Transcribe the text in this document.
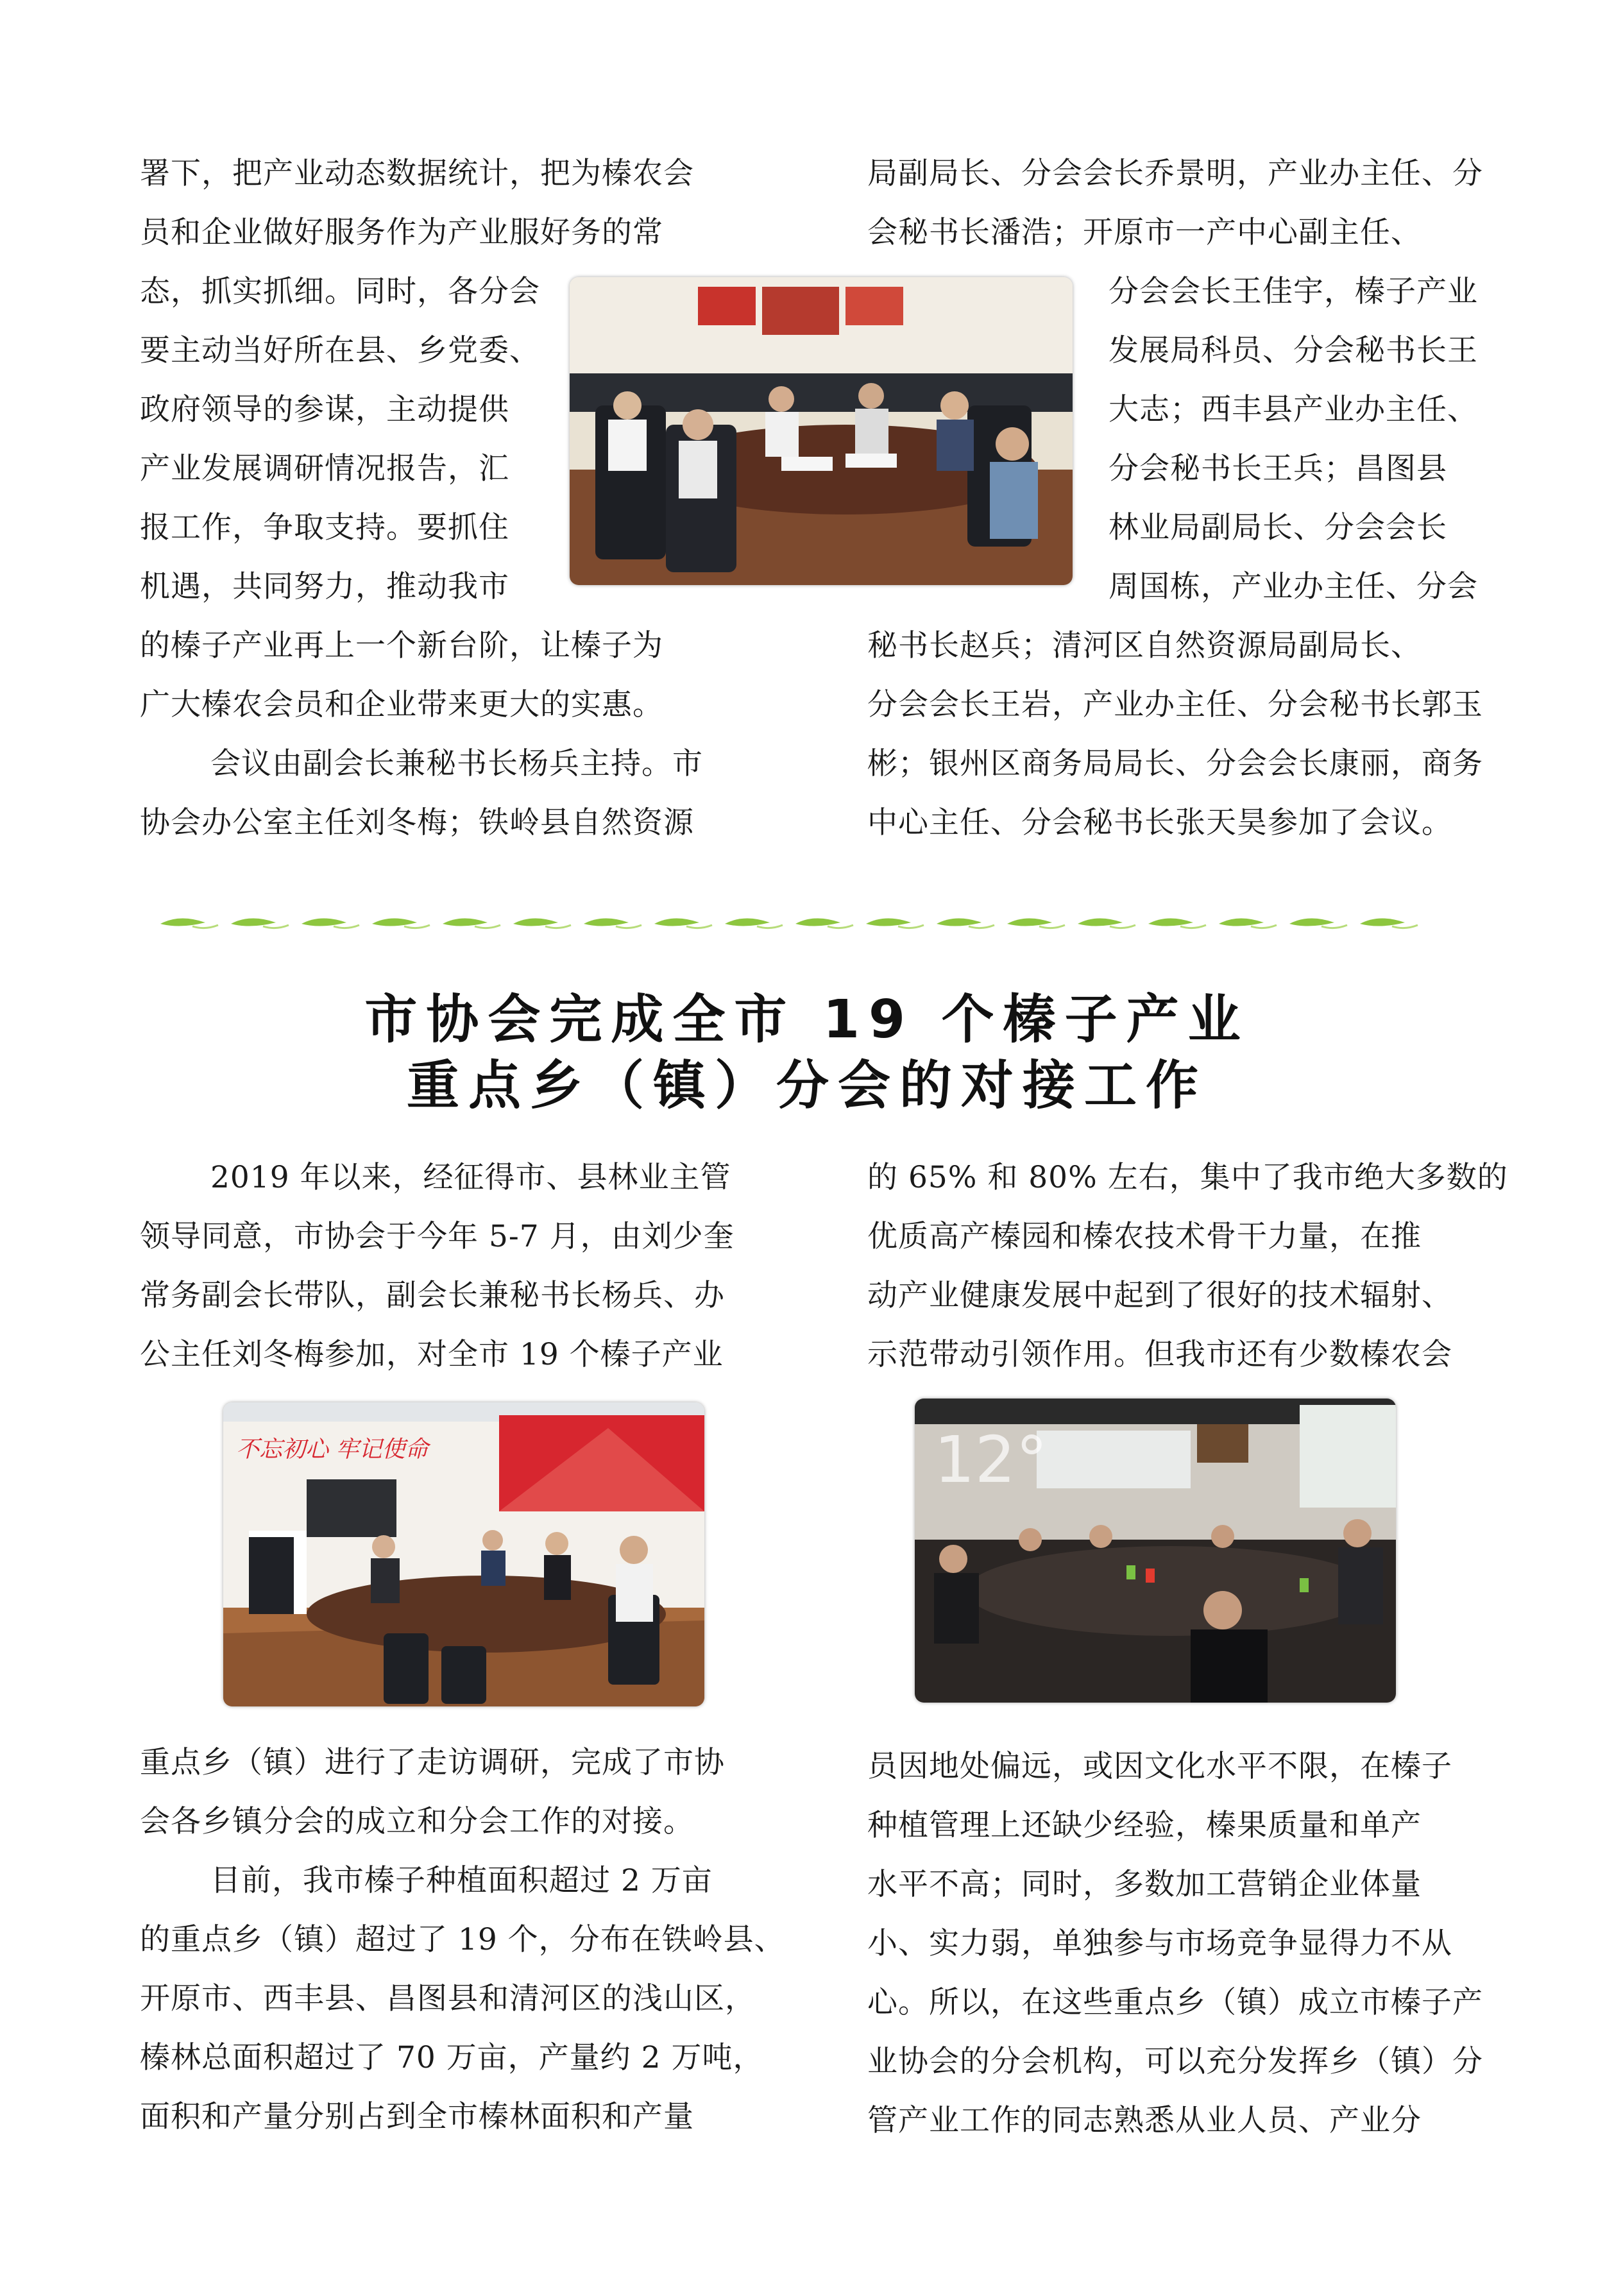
署下，把产业动态数据统计，把为榛农会

员和企业做好服务作为产业服好务的常

态，抓实抓细。同时，各分会

要主动当好所在县、乡党委、

政府领导的参谋，主动提供

产业发展调研情况报告，汇

报工作，争取支持。要抓住

机遇，共同努力，推动我市

的榛子产业再上一个新台阶，让榛子为

广大榛农会员和企业带来更大的实惠。

会议由副会长兼秘书长杨兵主持。市

协会办公室主任刘冬梅；铁岭县自然资源

局副局长、分会会长乔景明，产业办主任、分

会秘书长潘浩；开原市一产中心副主任、

分会会长王佳宇，榛子产业

发展局科员、分会秘书长王

大志；西丰县产业办主任、

分会秘书长王兵；昌图县

林业局副局长、分会会长

周国栋，产业办主任、分会

秘书长赵兵；清河区自然资源局副局长、

分会会长王岩，产业办主任、分会秘书长郭玉

彬；银州区商务局局长、分会会长康丽，商务

中心主任、分会秘书长张天昊参加了会议。

市协会完成全市 19 个榛子产业
重点乡（镇）分会的对接工作

2019 年以来，经征得市、县林业主管

领导同意，市协会于今年 5-7 月，由刘少奎

常务副会长带队，副会长兼秘书长杨兵、办

公主任刘冬梅参加，对全市 19 个榛子产业

的 65% 和 80% 左右，集中了我市绝大多数的

优质高产榛园和榛农技术骨干力量，在推

动产业健康发展中起到了很好的技术辐射、

示范带动引领作用。但我市还有少数榛农会

不忘初心 牢记使命	12°

重点乡（镇）进行了走访调研，完成了市协

会各乡镇分会的成立和分会工作的对接。

目前，我市榛子种植面积超过 2 万亩

的重点乡（镇）超过了 19 个，分布在铁岭县、

开原市、西丰县、昌图县和清河区的浅山区，

榛林总面积超过了 70 万亩，产量约 2 万吨，

面积和产量分别占到全市榛林面积和产量

员因地处偏远，或因文化水平不限，在榛子

种植管理上还缺少经验，榛果质量和单产

水平不高；同时，多数加工营销企业体量

小、实力弱，单独参与市场竞争显得力不从

心。所以，在这些重点乡（镇）成立市榛子产

业协会的分会机构，可以充分发挥乡（镇）分

管产业工作的同志熟悉从业人员、产业分
